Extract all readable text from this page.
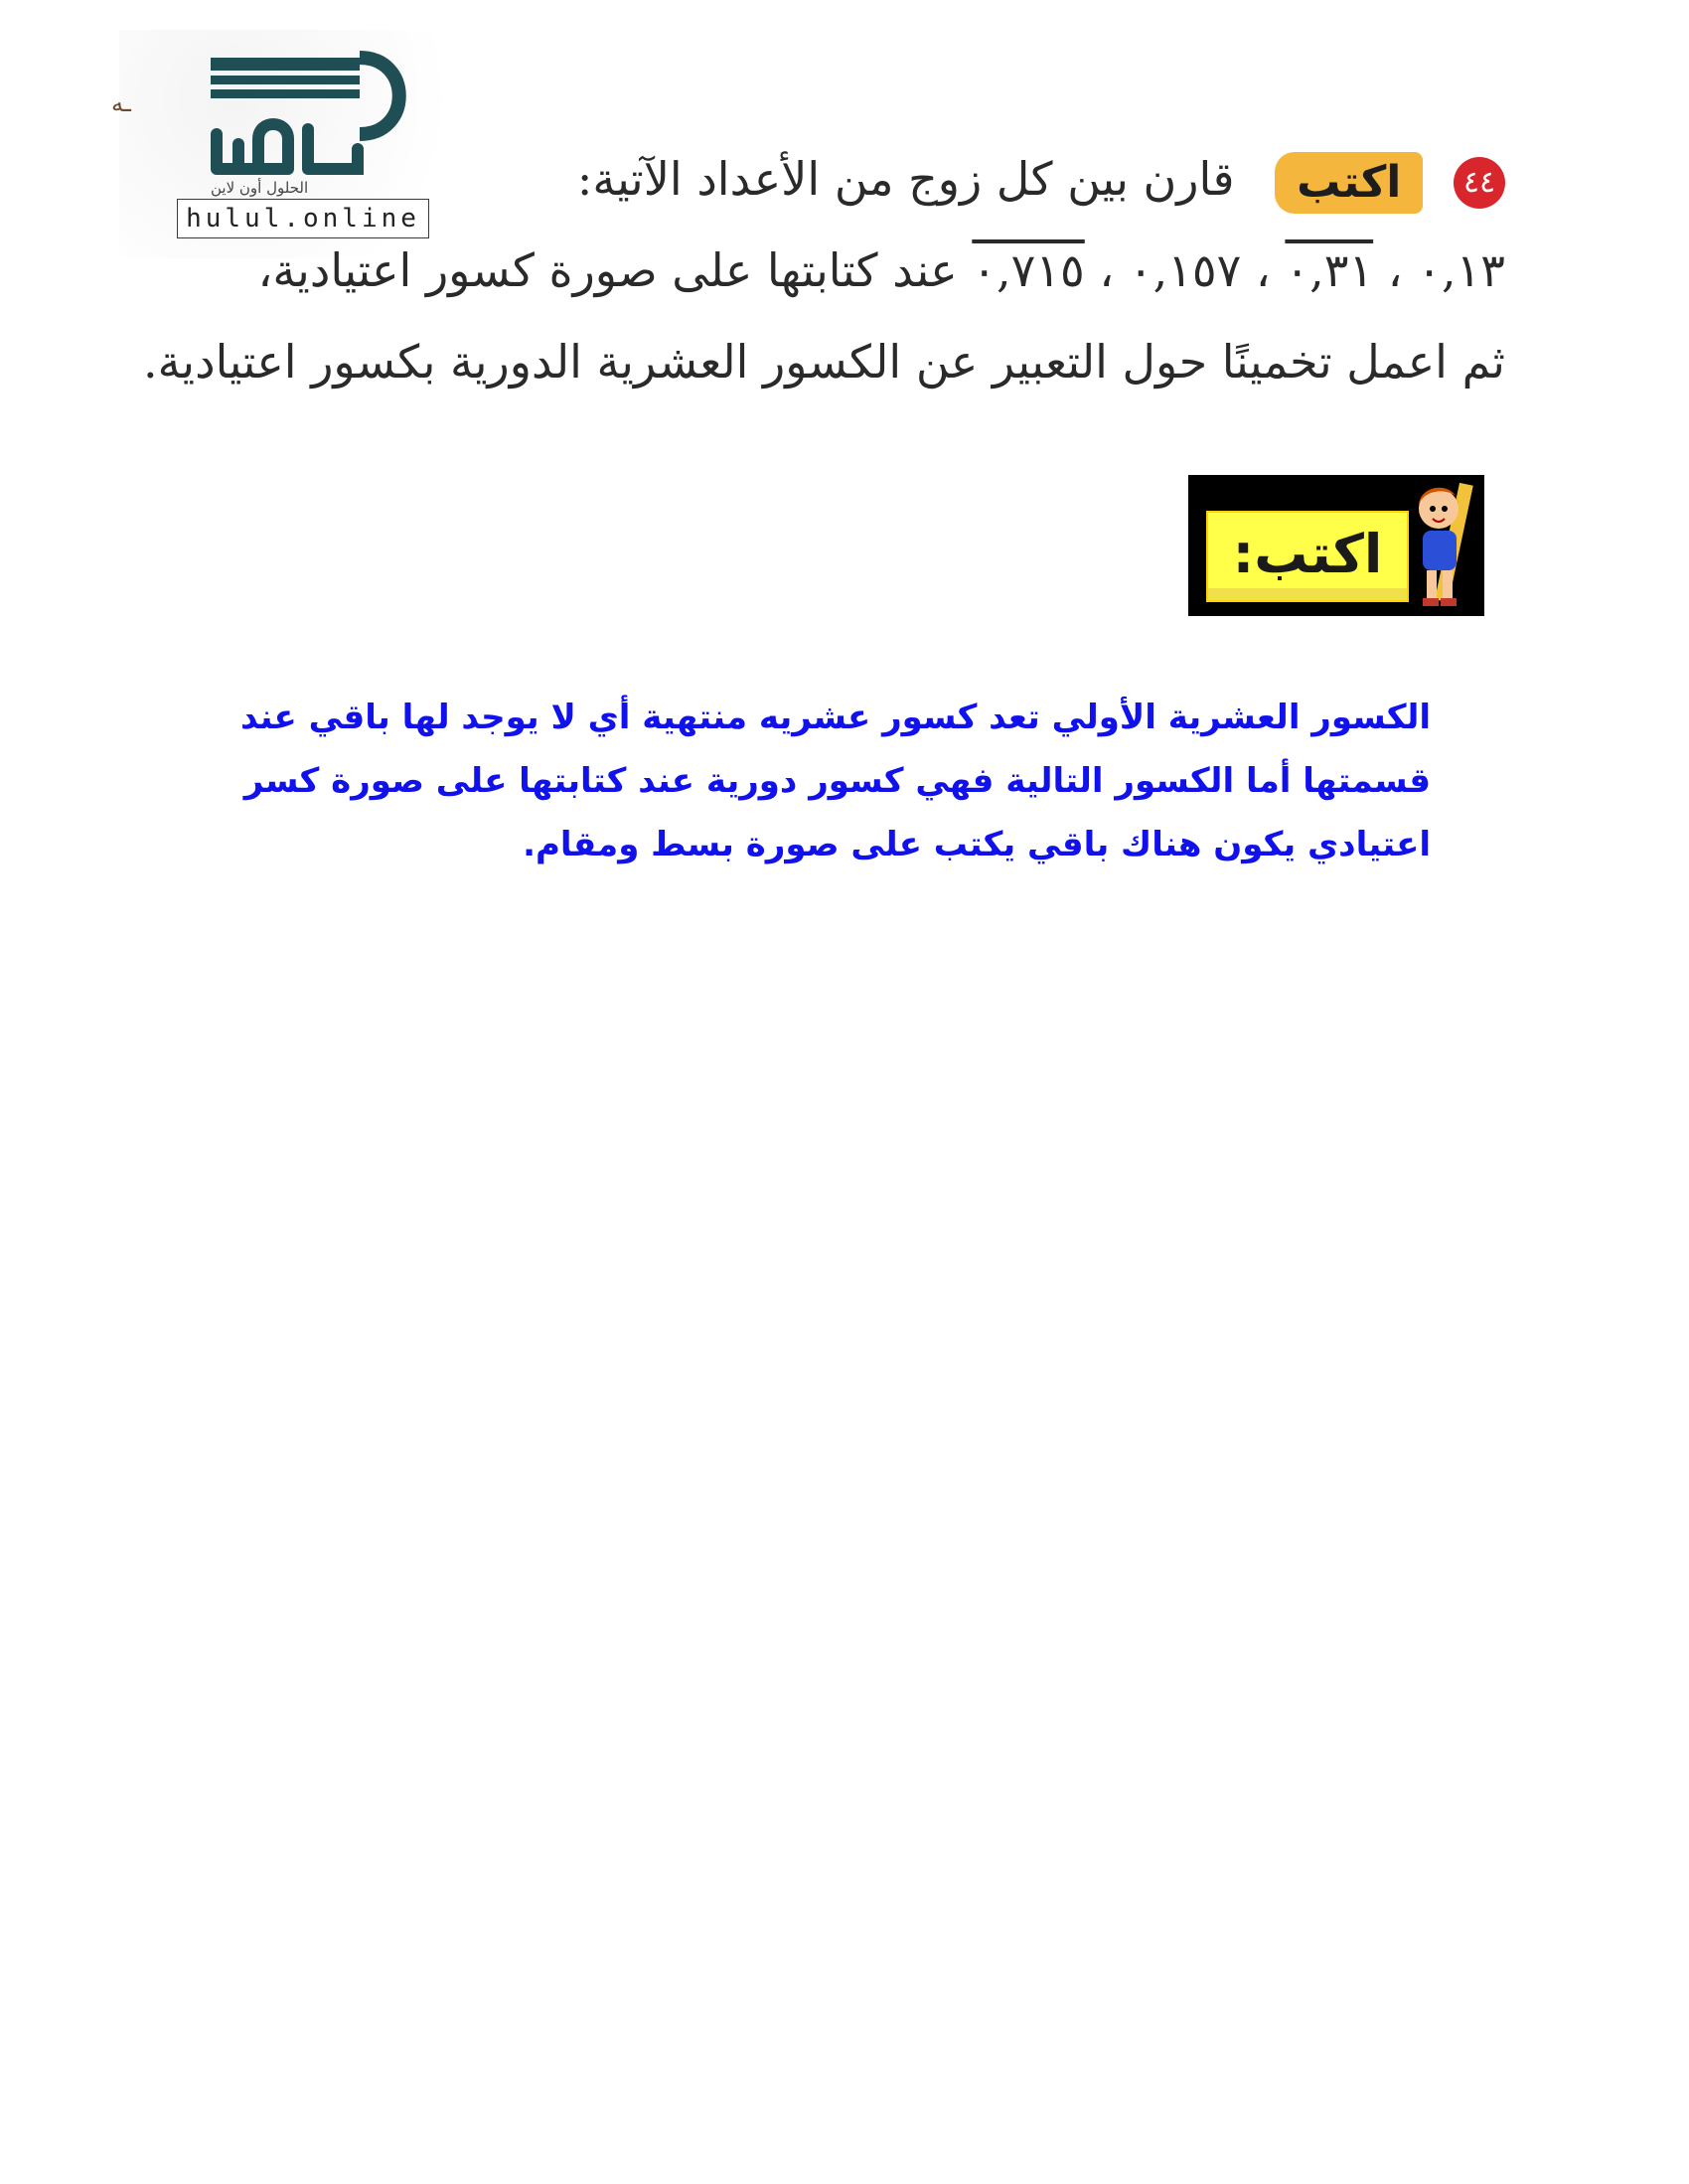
الحلول أون لاين
hulul.online
ـه
٤٤ اكتب قارن بين كل زوج من الأعداد الآتية:
٠,١٣ ، ٠,٣١ ، ٠,١٥٧ ، ٠,٧١٥ عند كتابتها على صورة كسور اعتيادية،
ثم اعمل تخمينًا حول التعبير عن الكسور العشرية الدورية بكسور اعتيادية.
اكتب:
الكسور العشرية الأولي تعد كسور عشريه منتهية أي لا يوجد لها باقي عند
قسمتها أما الكسور التالية فهي كسور دورية عند كتابتها على صورة كسر
اعتيادي يكون هناك باقي يكتب على صورة بسط ومقام.
